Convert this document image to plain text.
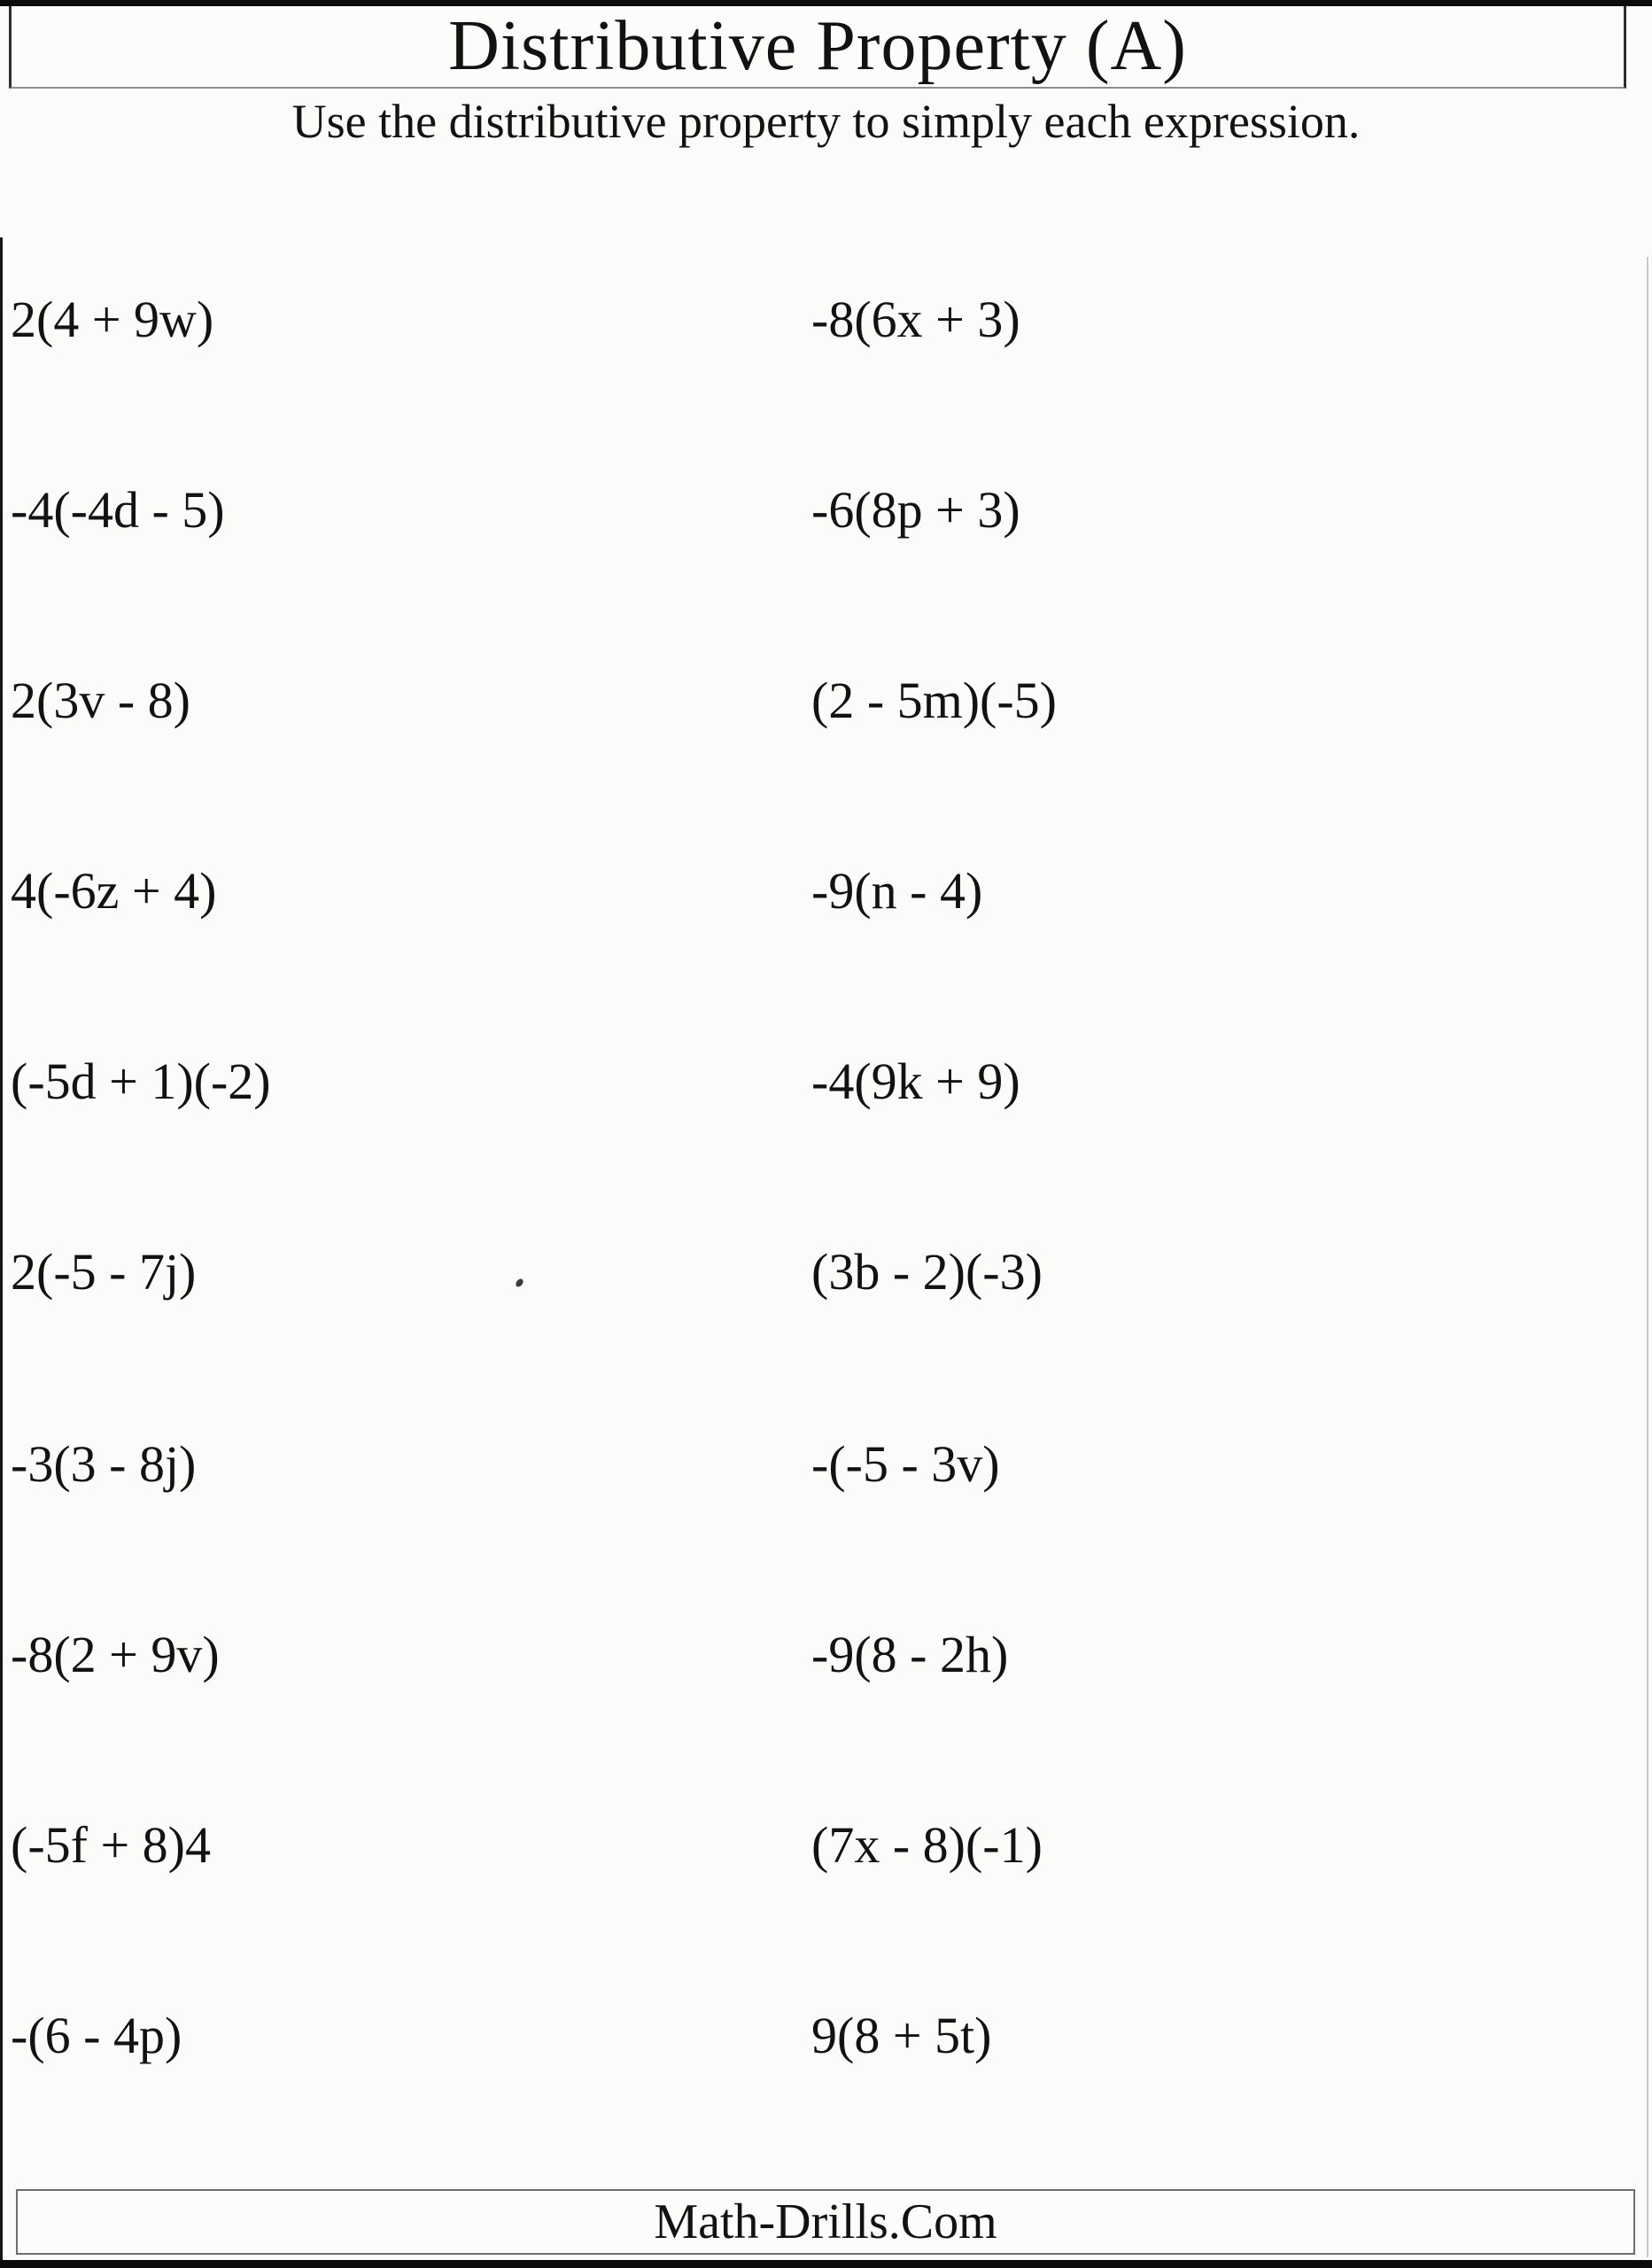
Distributive Property (A)

Use the distributive property to simply each expression.

2(4 + 9w)	-8(6x + 3)
-4(-4d - 5)	-6(8p + 3)
2(3v - 8)	(2 - 5m)(-5)
4(-6z + 4)	-9(n - 4)
(-5d + 1)(-2)	-4(9k + 9)
2(-5 - 7j)	(3b - 2)(-3)
-3(3 - 8j)	-(-5 - 3v)
-8(2 + 9v)	-9(8 - 2h)
(-5f + 8)4	(7x - 8)(-1)
-(6 - 4p)	9(8 + 5t)
Math-Drills.Com
